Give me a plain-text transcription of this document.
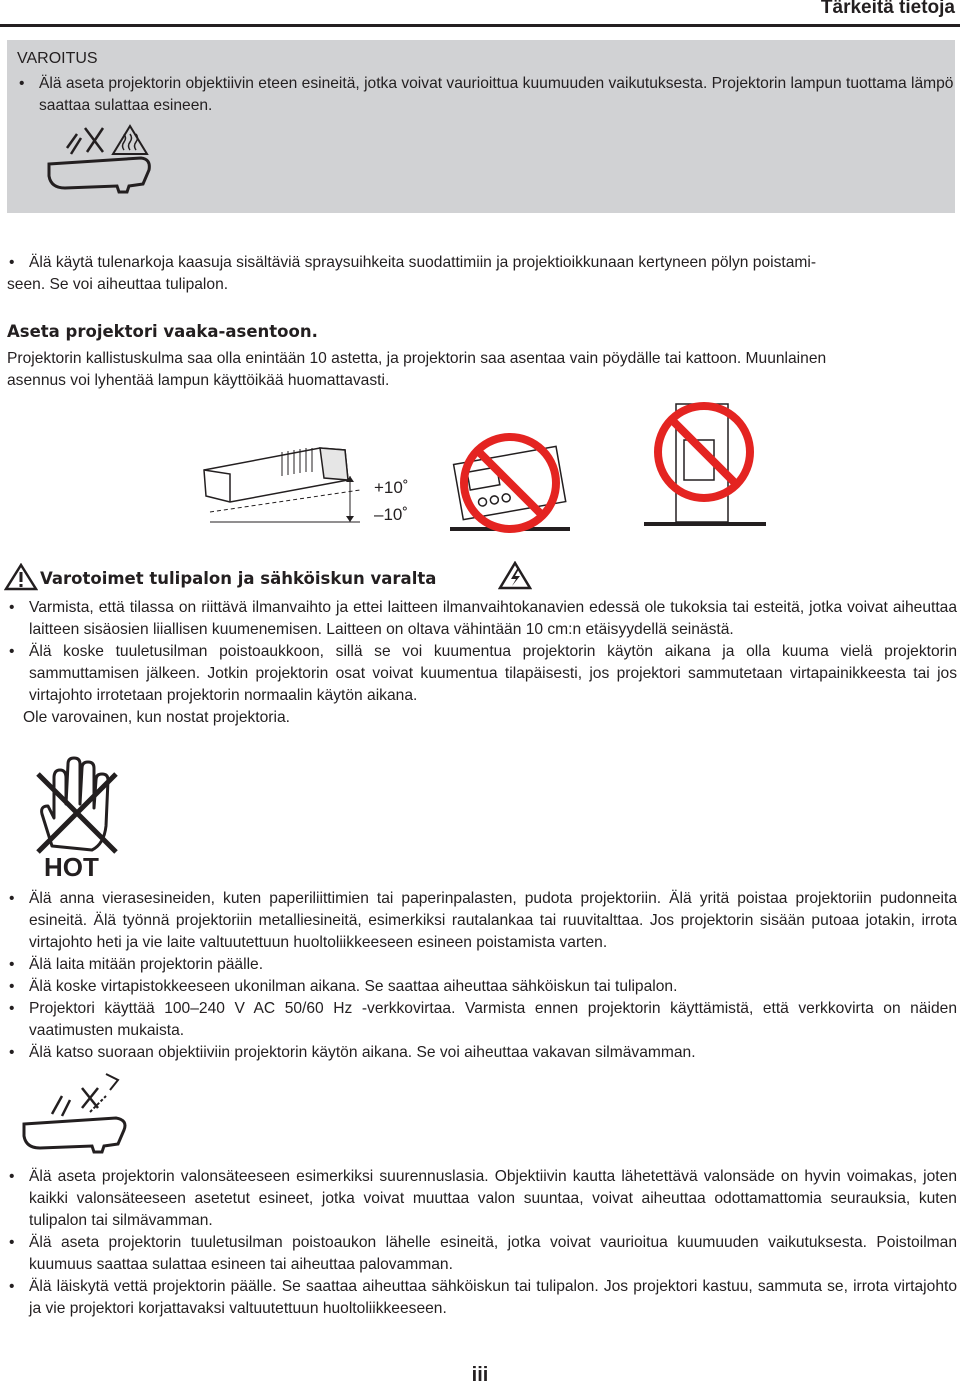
Tärkeitä tietoja
VAROITUS
• Älä aseta projektorin objektiivin eteen esineitä, jotka voivat vaurioittua kuumuuden vaikutuksesta. Projektorin lampun tuottama lämpö saattaa sulattaa esineen.
• Älä käytä tulenarkoja kaasuja sisältäviä spraysuihkeita suodattimiin ja projektioikkunaan kertyneen pölyn poistami-
seen. Se voi aiheuttaa tulipalon.
Aseta projektori vaaka-asentoon.
Projektorin kallistuskulma saa olla enintään 10 astetta, ja projektorin saa asentaa vain pöydälle tai kattoon. Muunlainen
asennus voi lyhentää lampun käyttöikää huomattavasti.
+10˚
–10˚
Varotoimet tulipalon ja sähköiskun varalta
• Varmista, että tilassa on riittävä ilmanvaihto ja ettei laitteen ilmanvaihtokanavien edessä ole tukoksia tai esteitä, jotka voivat aiheuttaa laitteen sisäosien liiallisen kuumenemisen. Laitteen on oltava vähintään 10 cm:n etäisyydellä seinästä.
• Älä koske tuuletusilman poistoaukkoon, sillä se voi kuumentua projektorin käytön aikana ja olla kuuma vielä projektorin sammuttamisen jälkeen. Jotkin projektorin osat voivat kuumentua tilapäisesti, jos projektori sammutetaan virtapainikkeesta tai jos virtajohto irrotetaan projektorin normaalin käytön aikana.
Ole varovainen, kun nostat projektoria.
HOT
• Älä anna vierasesineiden, kuten paperiliittimien tai paperinpalasten, pudota projektoriin. Älä yritä poistaa projektoriin pudonneita esineitä. Älä työnnä projektoriin metalliesineitä, esimerkiksi rautalankaa tai ruuvitalttaa. Jos projektorin sisään putoaa jotakin, irrota virtajohto heti ja vie laite valtuutettuun huoltoliikkeeseen esineen poistamista varten.
• Älä laita mitään projektorin päälle.
• Älä koske virtapistokkeeseen ukonilman aikana. Se saattaa aiheuttaa sähköiskun tai tulipalon.
• Projektori käyttää 100–240 V AC 50/60 Hz -verkkovirtaa. Varmista ennen projektorin käyttämistä, että verkkovirta on näiden vaatimusten mukaista.
• Älä katso suoraan objektiiviin projektorin käytön aikana. Se voi aiheuttaa vakavan silmävamman.
• Älä aseta projektorin valonsäteeseen esimerkiksi suurennuslasia. Objektiivin kautta lähetettävä valonsäde on hyvin voimakas, joten kaikki valonsäteeseen asetetut esineet, jotka voivat muuttaa valon suuntaa, voivat aiheuttaa odottamattomia seurauksia, kuten tulipalon tai silmävamman.
• Älä aseta projektorin tuuletusilman poistoaukon lähelle esineitä, jotka voivat vaurioitua kuumuuden vaikutuksesta. Poistoilman kuumuus saattaa sulattaa esineen tai aiheuttaa palovamman.
• Älä läiskytä vettä projektorin päälle. Se saattaa aiheuttaa sähköiskun tai tulipalon. Jos projektori kastuu, sammuta se, irrota virtajohto ja vie projektori korjattavaksi valtuutettuun huoltoliikkeeseen.
iii
